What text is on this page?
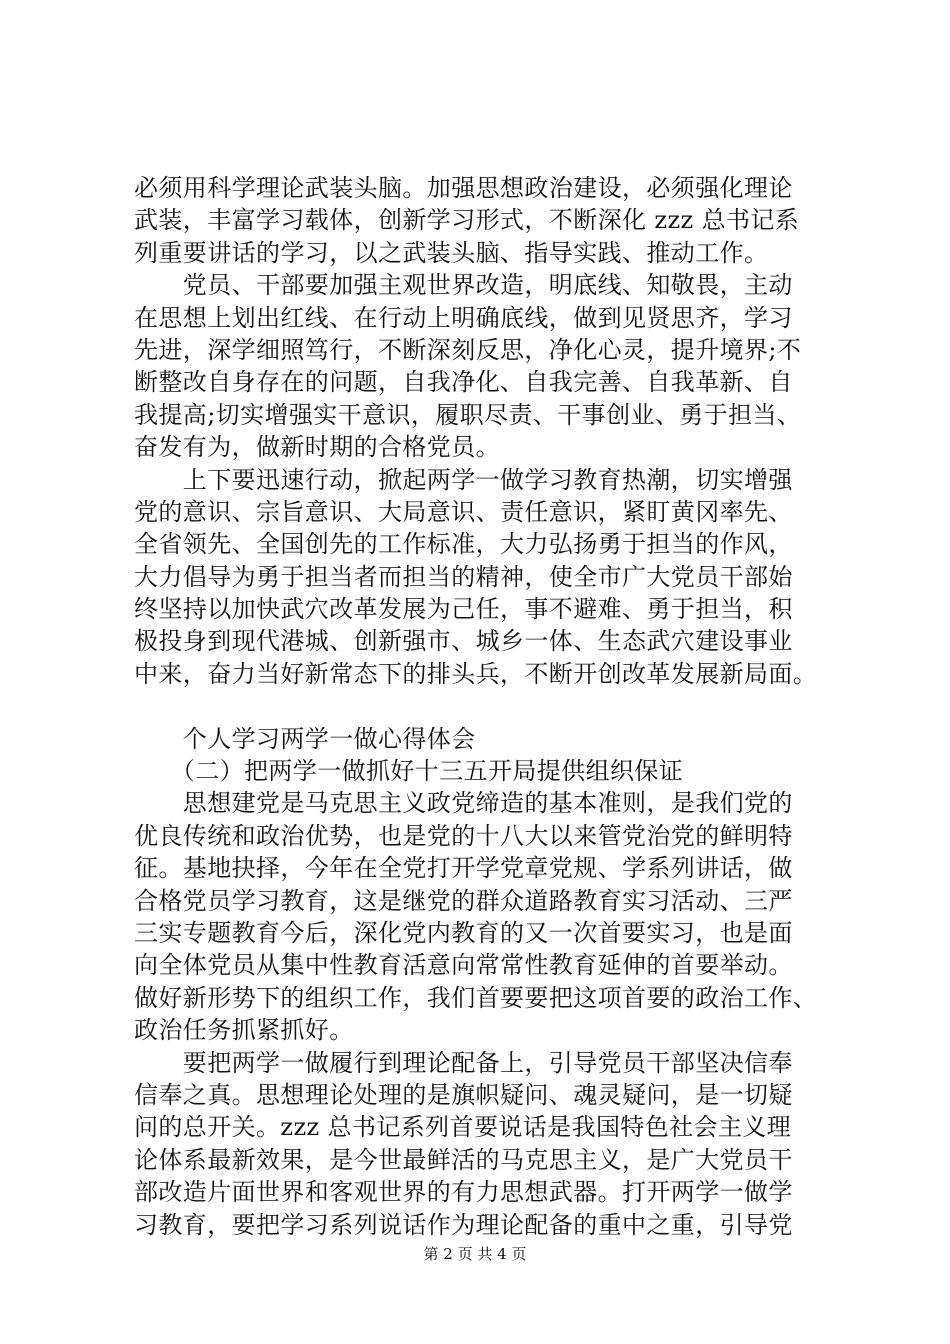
必须用科学理论武装头脑。加强思想政治建设，必须强化理论
武装，丰富学习载体，创新学习形式，不断深化 zzz 总书记系
列重要讲话的学习，以之武装头脑、指导实践、推动工作。
　　党员、干部要加强主观世界改造，明底线、知敬畏，主动
在思想上划出红线、在行动上明确底线，做到见贤思齐，学习
先进，深学细照笃行，不断深刻反思，净化心灵，提升境界;不
断整改自身存在的问题，自我净化、自我完善、自我革新、自
我提高;切实增强实干意识，履职尽责、干事创业、勇于担当、
奋发有为，做新时期的合格党员。
　　上下要迅速行动，掀起两学一做学习教育热潮，切实增强
党的意识、宗旨意识、大局意识、责任意识，紧盯黄冈率先、
全省领先、全国创先的工作标准，大力弘扬勇于担当的作风，
大力倡导为勇于担当者而担当的精神，使全市广大党员干部始
终坚持以加快武穴改革发展为己任，事不避难、勇于担当，积
极投身到现代港城、创新强市、城乡一体、生态武穴建设事业
中来，奋力当好新常态下的排头兵，不断开创改革发展新局面。
　　个人学习两学一做心得体会
　　（二）把两学一做抓好十三五开局提供组织保证
　　思想建党是马克思主义政党缔造的基本准则，是我们党的
优良传统和政治优势，也是党的十八大以来管党治党的鲜明特
征。基地抉择，今年在全党打开学党章党规、学系列讲话，做
合格党员学习教育，这是继党的群众道路教育实习活动、三严
三实专题教育今后，深化党内教育的又一次首要实习，也是面
向全体党员从集中性教育活意向常常性教育延伸的首要举动。
做好新形势下的组织工作，我们首要要把这项首要的政治工作、
政治任务抓紧抓好。
　　要把两学一做履行到理论配备上，引导党员干部坚决信奉
信奉之真。思想理论处理的是旗帜疑问、魂灵疑问，是一切疑
问的总开关。zzz 总书记系列首要说话是我国特色社会主义理
论体系最新效果，是今世最鲜活的马克思主义，是广大党员干
部改造片面世界和客观世界的有力思想武器。打开两学一做学
习教育，要把学习系列说话作为理论配备的重中之重，引导党
第 2 页 共 4 页
